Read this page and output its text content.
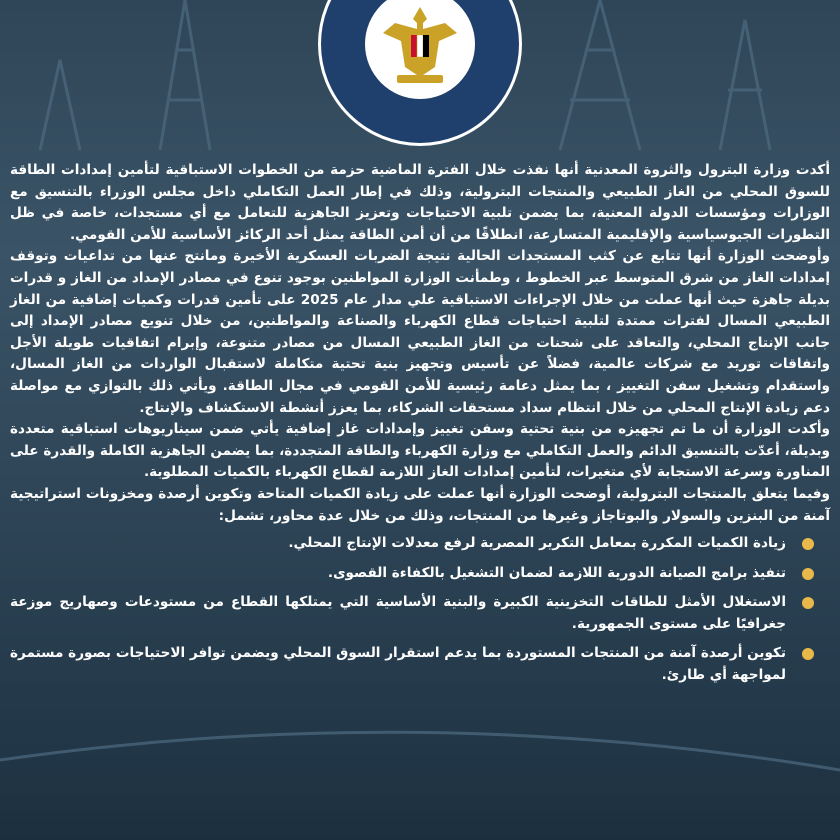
أكدت وزارة البترول والثروة المعدنية أنها نفذت خلال الفترة الماضية حزمة من الخطوات الاستباقية لتأمين إمدادات الطاقة للسوق المحلي من الغاز الطبيعي والمنتجات البترولية، وذلك في إطار العمل التكاملي داخل مجلس الوزراء بالتنسيق مع الوزارات ومؤسسات الدولة المعنية، بما يضمن تلبية الاحتياجات وتعزيز الجاهزية للتعامل مع أي مستجدات، خاصة في ظل التطورات الجيوسياسية والإقليمية المتسارعة، انطلاقًا من أن أمن الطاقة يمثل أحد الركائز الأساسية للأمن القومي.

وأوضحت الوزارة أنها تتابع عن كثب المستجدات الحالية نتيجة الضربات العسكرية الأخيرة ومانتج عنها من تداعيات وتوقف إمدادات الغاز من شرق المتوسط عبر الخطوط ، وطمأنت الوزارة المواطنين بوجود تنوع في مصادر الإمداد من الغاز و قدرات بديلة جاهزة حيث أنها عملت من خلال الإجراءات الاستباقية علي مدار عام 2025 على تأمين قدرات وكميات إضافية من الغاز الطبيعي المسال لفترات ممتدة لتلبية احتياجات قطاع الكهرباء والصناعة والمواطنين، من خلال تنويع مصادر الإمداد إلى جانب الإنتاج المحلي، والتعاقد على شحنات من الغاز الطبيعي المسال من مصادر متنوعة، وإبرام اتفاقيات طويلة الأجل واتفاقات توريد مع شركات عالمية، فضلاً عن تأسيس وتجهيز بنية تحتية متكاملة لاستقبال الواردات من الغاز المسال، واستقدام وتشغيل سفن التغييز ، بما يمثل دعامة رئيسية للأمن القومي في مجال الطاقة. ويأتي ذلك بالتوازي مع مواصلة دعم زيادة الإنتاج المحلي من خلال انتظام سداد مستحقات الشركاء، بما يعزز أنشطة الاستكشاف والإنتاج.

وأكدت الوزارة أن ما تم تجهيزه من بنية تحتية وسفن تغييز وإمدادات غاز إضافية يأتي ضمن سيناريوهات استباقية متعددة وبديلة، أعدّت بالتنسيق الدائم والعمل التكاملي مع وزارة الكهرباء والطاقة المتجددة، بما يضمن الجاهزية الكاملة والقدرة على المناورة وسرعة الاستجابة لأي متغيرات، لتأمين إمدادات الغاز اللازمة لقطاع الكهرباء بالكميات المطلوبة.

وفيما يتعلق بالمنتجات البترولية، أوضحت الوزارة أنها عملت على زيادة الكميات المتاحة وتكوين أرصدة ومخزونات استراتيجية آمنة من البنزين والسولار والبوتاجاز وغيرها من المنتجات، وذلك من خلال عدة محاور، تشمل:

زيادة الكميات المكررة بمعامل التكرير المصرية لرفع معدلات الإنتاج المحلي.
تنفيذ برامج الصيانة الدورية اللازمة لضمان التشغيل بالكفاءة القصوى.
الاستغلال الأمثل للطاقات التخزينية الكبيرة والبنية الأساسية التي يمتلكها القطاع من مستودعات وصهاريج موزعة جغرافيًا على مستوى الجمهورية.
تكوين أرصدة آمنة من المنتجات المستوردة بما يدعم استقرار السوق المحلي ويضمن توافر الاحتياجات بصورة مستمرة لمواجهة أي طارئ.
